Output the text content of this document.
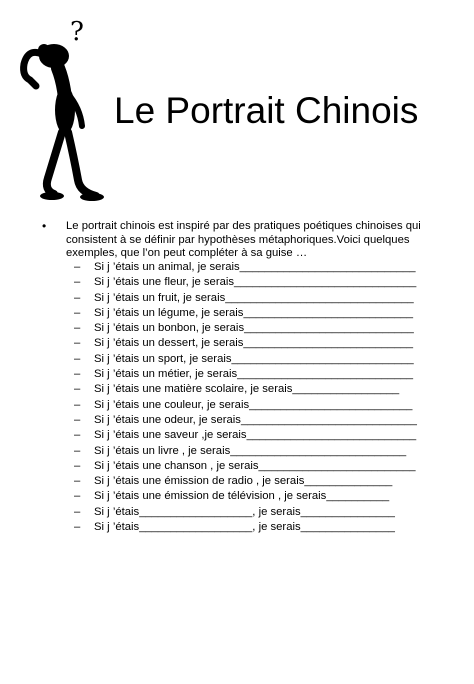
?
Le Portrait Chinois
• Le portrait chinois est inspiré par des pratiques poétiques chinoises qui consistent à se définir par hypothèses métaphoriques.Voici quelques exemples, que l’on peut compléter à sa guise …
– Si j ’étais un animal, je serais____________________________
– Si j ’étais une fleur, je serais_____________________________
– Si j ’étais un fruit, je serais______________________________
– Si j ’étais un légume, je serais___________________________
– Si j ’étais un bonbon, je serais___________________________
– Si j ’étais un dessert, je serais___________________________
– Si j ’étais un sport, je serais_____________________________
– Si j ’étais un métier, je serais____________________________
– Si j ’étais une matière scolaire, je serais_________________
– Si j ’étais une couleur, je serais__________________________
– Si j ’étais une odeur, je serais____________________________
– Si j ’étais une saveur ,je serais___________________________
– Si j ’étais un livre , je serais____________________________
– Si j ’étais une chanson , je serais_________________________
– Si j ’étais une émission de radio , je serais______________
– Si j ’étais une émission de télévision , je serais__________
– Si j ’étais__________________, je serais_______________
– Si j ’étais__________________, je serais_______________
